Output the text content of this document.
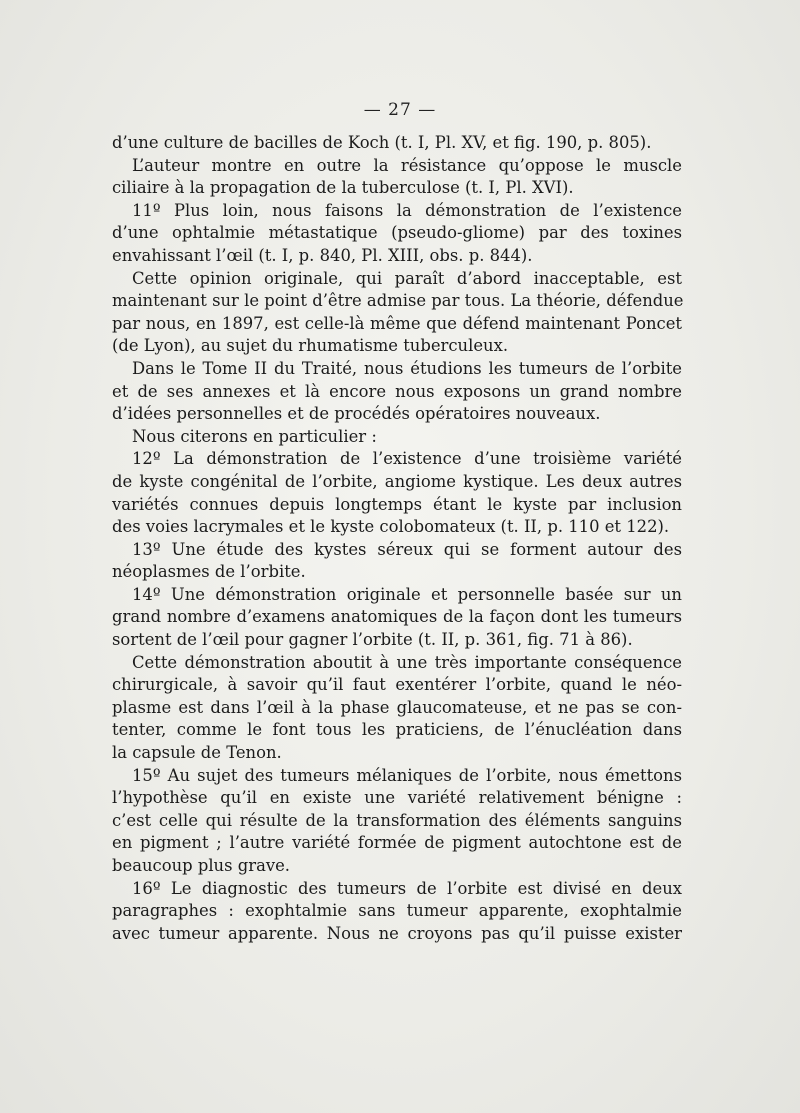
— 27 —
d’une culture de bacilles de Koch (t. I, Pl. XV, et fig. 190, p. 805).
L’auteur montre en outre la résistance qu’oppose le muscle
ciliaire à la propagation de la tuberculose (t. I, Pl. XVI).
11º Plus loin, nous faisons la démonstration de l’existence
d’une ophtalmie métastatique (pseudo-gliome) par des toxines
envahissant l’œil (t. I, p. 840, Pl. XIII, obs. p. 844).
Cette opinion originale, qui paraît d’abord inacceptable, est
maintenant sur le point d’être admise par tous. La théorie, défendue
par nous, en 1897, est celle-là même que défend maintenant Poncet
(de Lyon), au sujet du rhumatisme tuberculeux.
Dans le Tome II du Traité, nous étudions les tumeurs de l’orbite
et de ses annexes et là encore nous exposons un grand nombre
d’idées personnelles et de procédés opératoires nouveaux.
Nous citerons en particulier :
12º La démonstration de l’existence d’une troisième variété
de kyste congénital de l’orbite, angiome kystique. Les deux autres
variétés connues depuis longtemps étant le kyste par inclusion
des voies lacrymales et le kyste colobomateux (t. II, p. 110 et 122).
13º Une étude des kystes séreux qui se forment autour des
néoplasmes de l’orbite.
14º Une démonstration originale et personnelle basée sur un
grand nombre d’examens anatomiques de la façon dont les tumeurs
sortent de l’œil pour gagner l’orbite (t. II, p. 361, fig. 71 à 86).
Cette démonstration aboutit à une très importante conséquence
chirurgicale, à savoir qu’il faut exentérer l’orbite, quand le néo-
plasme est dans l’œil à la phase glaucomateuse, et ne pas se con-
tenter, comme le font tous les praticiens, de l’énucléation dans
la capsule de Tenon.
15º Au sujet des tumeurs mélaniques de l’orbite, nous émettons
l’hypothèse qu’il en existe une variété relativement bénigne :
c’est celle qui résulte de la transformation des éléments sanguins
en pigment ; l’autre variété formée de pigment autochtone est de
beaucoup plus grave.
16º Le diagnostic des tumeurs de l’orbite est divisé en deux
paragraphes : exophtalmie sans tumeur apparente, exophtalmie
avec tumeur apparente. Nous ne croyons pas qu’il puisse exister
